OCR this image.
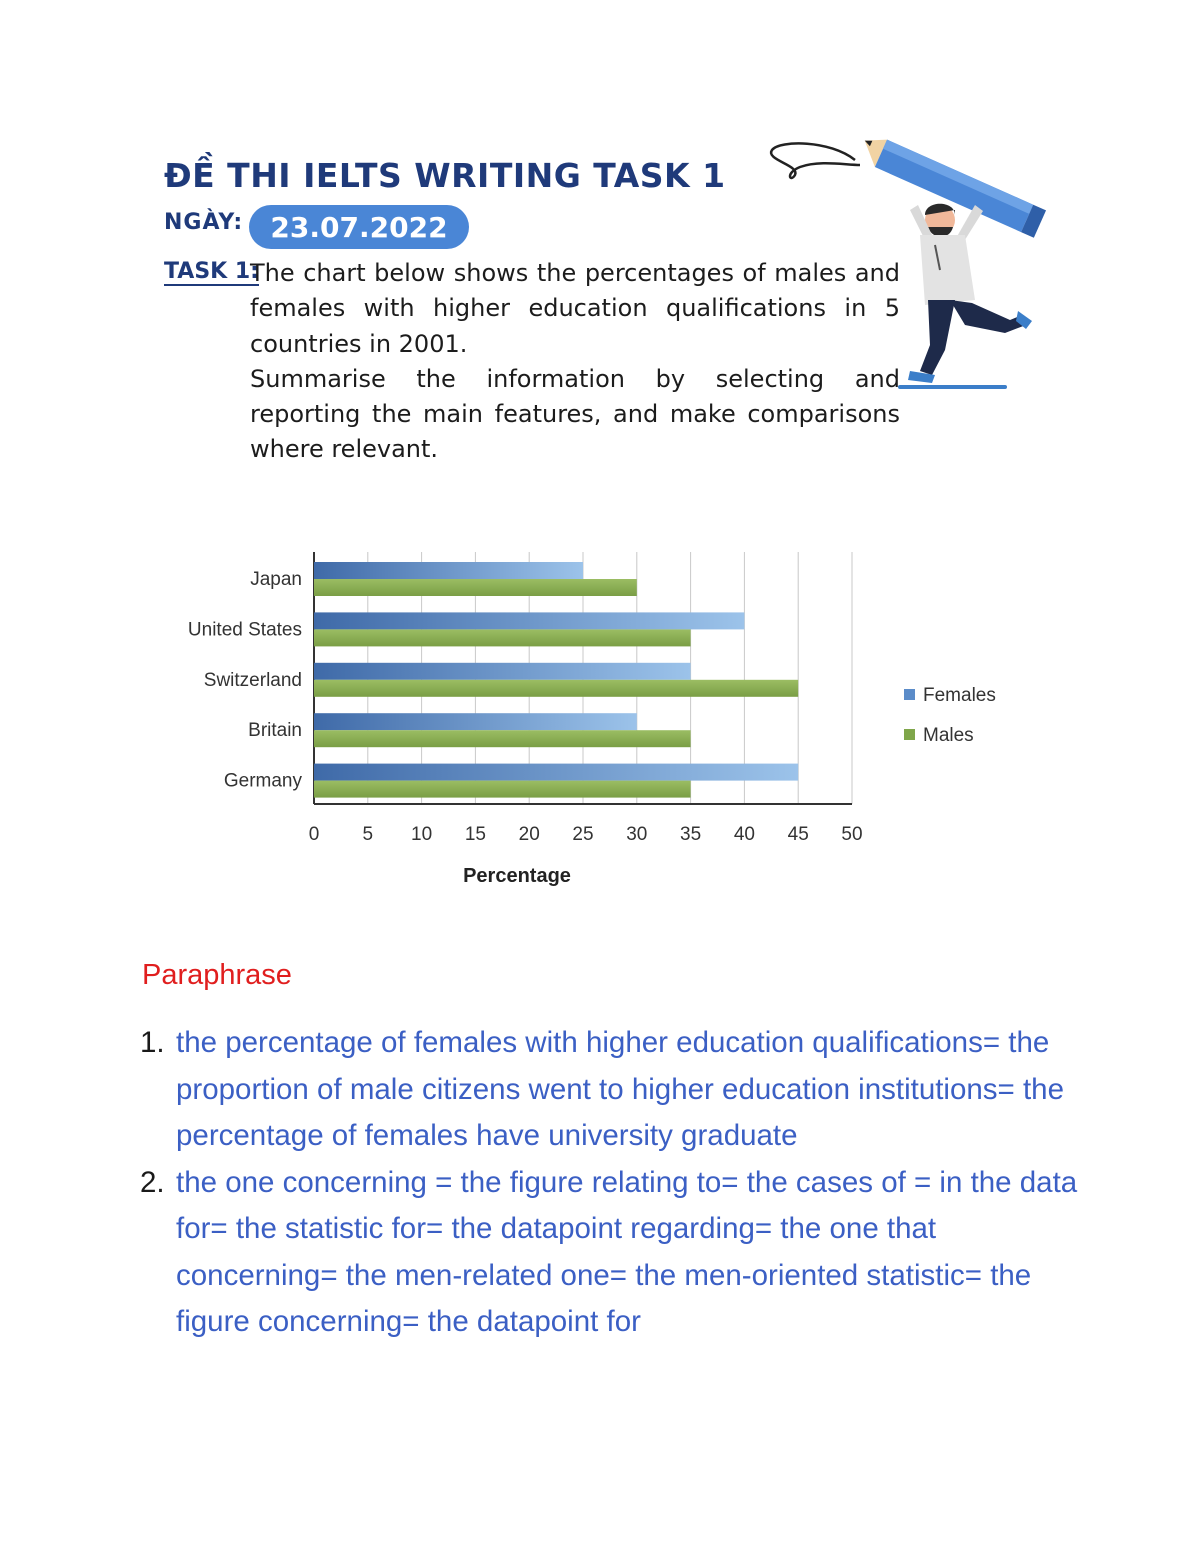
ĐỀ THI IELTS WRITING TASK 1
NGÀY: 23.07.2022
TASK 1:

The chart below shows the percentages of males and females with higher education qualifications in 5 countries in 2001.

Summarise the information by selecting and reporting the main features, and make comparisons where relevant.

Japan
United States
Switzerland
Britain
Germany
0 5 10 15 20 25 30 35 40 45 50
Percentage
Females
Males
Paraphrase
1. the percentage of females with higher education qualifications= the proportion of male citizens went to higher education institutions= the percentage of females have university graduate
2. the one concerning = the figure relating to= the cases of = in the data for= the statistic for= the datapoint regarding= the one that concerning= the men-related one= the men-oriented statistic= the figure concerning= the datapoint for
